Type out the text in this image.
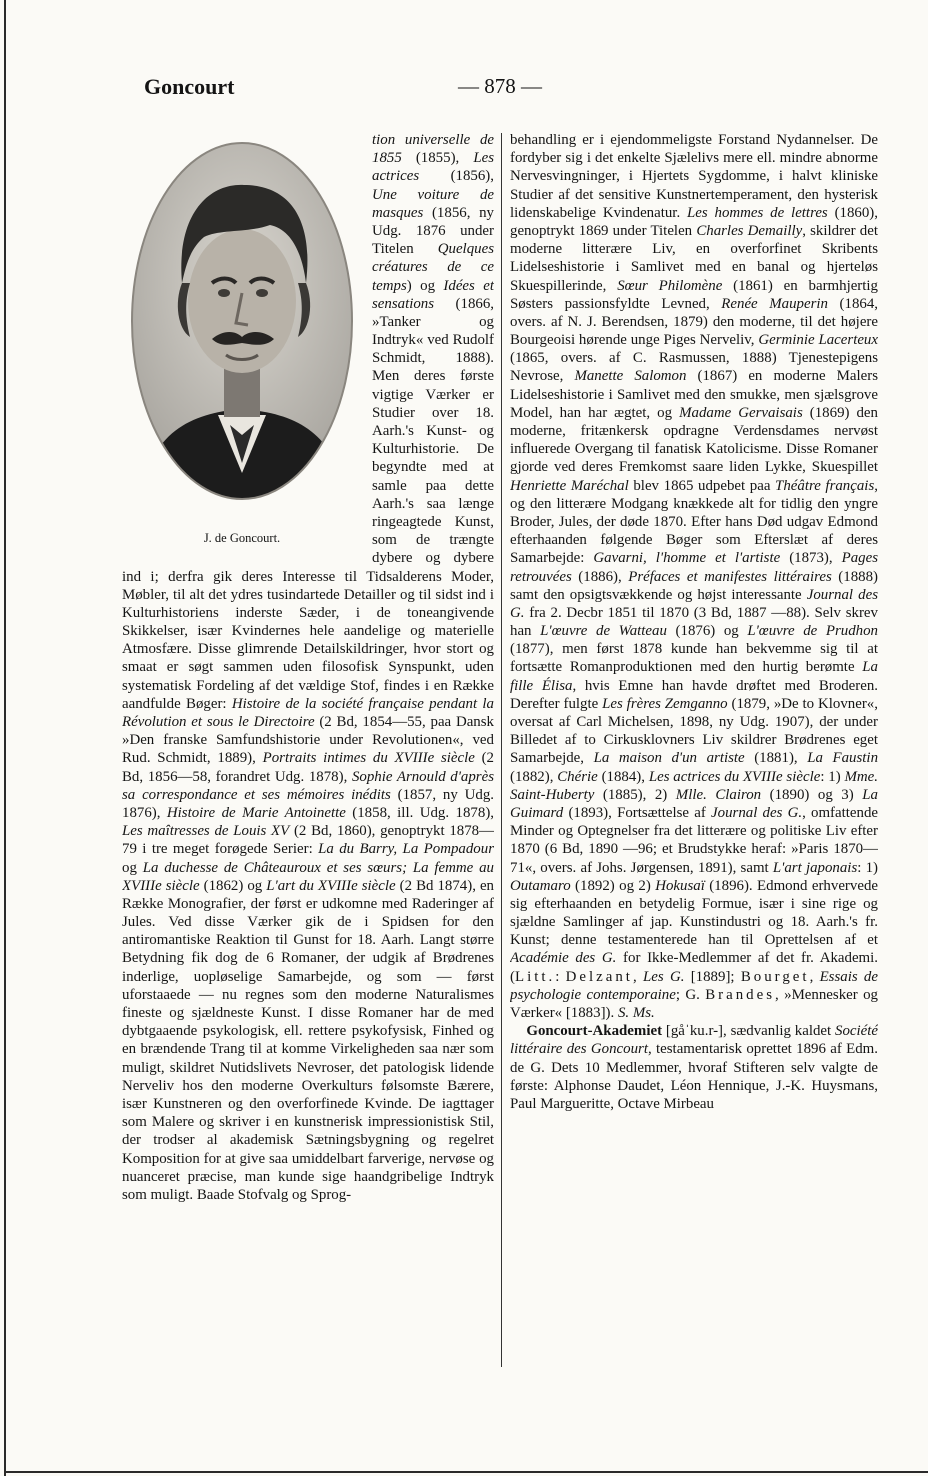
Goncourt	— 878 —
J. de Goncourt.

tion universelle de 1855 (1855), Les actrices (1856), Une voiture de masques (1856, ny Udg. 1876 under Titelen Quelques créatures de ce temps) og Idées et sensations (1866, »Tanker og Indtryk« ved Rudolf Schmidt, 1888). Men deres første vigtige Værker er Studier over 18. Aarh.'s Kunst- og Kulturhistorie. De begyndte med at samle paa dette Aarh.'s saa længe ringeagtede Kunst, som de trængte dybere og dybere ind i; derfra gik deres Interesse til Tidsalderens Moder, Møbler, til alt det ydres tusindartede Detailler og til sidst ind i Kulturhistoriens inderste Sæder, i de toneangivende Skikkelser, især Kvindernes hele aandelige og materielle Atmosfære. Disse glimrende Detailskildringer, hvor stort og smaat er søgt sammen uden filosofisk Synspunkt, uden systematisk Fordeling af det vældige Stof, findes i en Række aandfulde Bøger: Histoire de la société française pendant la Révolution et sous le Directoire (2 Bd, 1854—55, paa Dansk »Den franske Samfundshistorie under Revolutionen«, ved Rud. Schmidt, 1889), Portraits intimes du XVIIIe siècle (2 Bd, 1856—58, forandret Udg. 1878), Sophie Arnould d'après sa correspondance et ses mémoires inédits (1857, ny Udg. 1876), Histoire de Marie Antoinette (1858, ill. Udg. 1878), Les maîtresses de Louis XV (2 Bd, 1860), genoptrykt 1878—79 i tre meget forøgede Serier: La du Barry, La Pompadour og La duchesse de Châteauroux et ses sœurs; La femme au XVIIIe siècle (1862) og L'art du XVIIIe siècle (2 Bd 1874), en Række Monografier, der først er udkomne med Raderinger af Jules. Ved disse Værker gik de i Spidsen for den antiromantiske Reaktion til Gunst for 18. Aarh. Langt større Betydning fik dog de 6 Romaner, der udgik af Brødrenes inderlige, uopløselige Samarbejde, og som — først uforstaaede — nu regnes som den moderne Naturalismes fineste og sjældneste Kunst. I disse Romaner har de med dybtgaaende psykologisk, ell. rettere psykofysisk, Finhed og en brændende Trang til at komme Virkeligheden saa nær som muligt, skildret Nutidslivets Nevroser, det patologisk lidende Nerveliv hos den moderne Overkulturs følsomste Bærere, især Kunstneren og den overforfinede Kvinde. De iagttager som Malere og skriver i en kunstnerisk impressionistisk Stil, der trodser al akademisk Sætningsbygning og regelret Komposition for at give saa umiddelbart farverige, nervøse og nuanceret præcise, man kunde sige haandgribelige Indtryk som muligt. Baade Stofvalg og Sprog-

behandling er i ejendommeligste Forstand Nydannelser. De fordyber sig i det enkelte Sjælelivs mere ell. mindre abnorme Nervesvingninger, i Hjertets Sygdomme, i halvt kliniske Studier af det sensitive Kunstnertemperament, den hysterisk lidenskabelige Kvindenatur. Les hommes de lettres (1860), genoptrykt 1869 under Titelen Charles Demailly, skildrer det moderne litterære Liv, en overforfinet Skribents Lidelseshistorie i Samlivet med en banal og hjerteløs Skuespillerinde, Sœur Philomène (1861) en barmhjertig Søsters passionsfyldte Levned, Renée Mauperin (1864, overs. af N. J. Berendsen, 1879) den moderne, til det højere Bourgeoisi hørende unge Piges Nerveliv, Germinie Lacerteux (1865, overs. af C. Rasmussen, 1888) Tjenestepigens Nevrose, Manette Salomon (1867) en moderne Malers Lidelseshistorie i Samlivet med den smukke, men sjælsgrove Model, han har ægtet, og Madame Gervaisais (1869) den moderne, fritænkersk opdragne Verdensdames nervøst influerede Overgang til fanatisk Katolicisme. Disse Romaner gjorde ved deres Fremkomst saare liden Lykke, Skuespillet Henriette Maréchal blev 1865 udpebet paa Théâtre français, og den litterære Modgang knækkede alt for tidlig den yngre Broder, Jules, der døde 1870. Efter hans Død udgav Edmond efterhaanden følgende Bøger som Efterslæt af deres Samarbejde: Gavarni, l'homme et l'artiste (1873), Pages retrouvées (1886), Préfaces et manifestes littéraires (1888) samt den opsigtsvækkende og højst interessante Journal des G. fra 2. Decbr 1851 til 1870 (3 Bd, 1887 —88). Selv skrev han L'œuvre de Watteau (1876) og L'œuvre de Prudhon (1877), men først 1878 kunde han bekvemme sig til at fortsætte Romanproduktionen med den hurtig berømte La fille Élisa, hvis Emne han havde drøftet med Broderen. Derefter fulgte Les frères Zemganno (1879, »De to Klovner«, oversat af Carl Michelsen, 1898, ny Udg. 1907), der under Billedet af to Cirkusklovners Liv skildrer Brødrenes eget Samarbejde, La maison d'un artiste (1881), La Faustin (1882), Chérie (1884), Les actrices du XVIIIe siècle: 1) Mme. Saint-Huberty (1885), 2) Mlle. Clairon (1890) og 3) La Guimard (1893), Fortsættelse af Journal des G., omfattende Minder og Optegnelser fra det litterære og politiske Liv efter 1870 (6 Bd, 1890 —96; et Brudstykke heraf: »Paris 1870—71«, overs. af Johs. Jørgensen, 1891), samt L'art japonais: 1) Outamaro (1892) og 2) Hokusaï (1896). Edmond erhvervede sig efterhaanden en betydelig Formue, især i sine rige og sjældne Samlinger af jap. Kunstindustri og 18. Aarh.'s fr. Kunst; denne testamenterede han til Oprettelsen af et Académie des G. for Ikke-Medlemmer af det fr. Akademi. (Litt.: Delzant, Les G. [1889]; Bourget, Essais de psychologie contemporaine; G. Brandes, »Mennesker og Værker« [1883]). S. Ms.

Goncourt-Akademiet [gåˈku.r-], sædvanlig kaldet Société littéraire des Goncourt, testamentarisk oprettet 1896 af Edm. de G. Dets 10 Medlemmer, hvoraf Stifteren selv valgte de første: Alphonse Daudet, Léon Hennique, J.-K. Huysmans, Paul Margueritte, Octave Mirbeau
